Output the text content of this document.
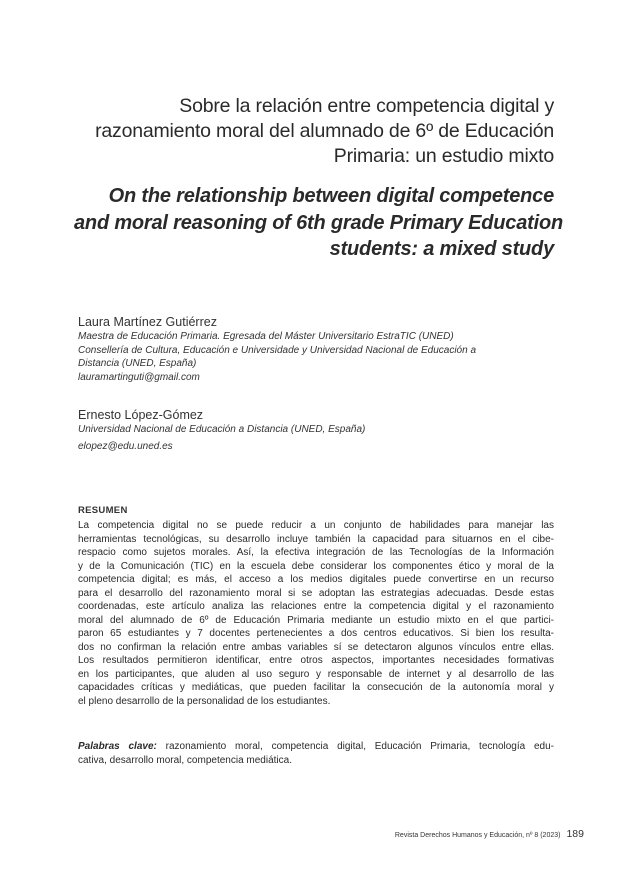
Sobre la relación entre competencia digital y
razonamiento moral del alumnado de 6º de Educación
Primaria: un estudio mixto
On the relationship between digital competence
and moral reasoning of 6th grade Primary Education
students: a mixed study
Laura Martínez Gutiérrez
Maestra de Educación Primaria. Egresada del Máster Universitario EstraTIC (UNED)
Consellería de Cultura, Educación e Universidade y Universidad Nacional de Educación a
Distancia (UNED, España)
lauramartinguti@gmail.com
Ernesto López-Gómez
Universidad Nacional de Educación a Distancia (UNED, España)
elopez@edu.uned.es
RESUMEN
La competencia digital no se puede reducir a un conjunto de habilidades para manejar las
herramientas tecnológicas, su desarrollo incluye también la capacidad para situarnos en el cibe-
respacio como sujetos morales. Así, la efectiva integración de las Tecnologías de la Información
y de la Comunicación (TIC) en la escuela debe considerar los componentes ético y moral de la
competencia digital; es más, el acceso a los medios digitales puede convertirse en un recurso
para el desarrollo del razonamiento moral si se adoptan las estrategias adecuadas. Desde estas
coordenadas, este artículo analiza las relaciones entre la competencia digital y el razonamiento
moral del alumnado de 6º de Educación Primaria mediante un estudio mixto en el que partici-
paron 65 estudiantes y 7 docentes pertenecientes a dos centros educativos. Si bien los resulta-
dos no confirman la relación entre ambas variables sí se detectaron algunos vínculos entre ellas.
Los resultados permitieron identificar, entre otros aspectos, importantes necesidades formativas
en los participantes, que aluden al uso seguro y responsable de internet y al desarrollo de las
capacidades críticas y mediáticas, que pueden facilitar la consecución de la autonomía moral y
el pleno desarrollo de la personalidad de los estudiantes.
Palabras clave: razonamiento moral, competencia digital, Educación Primaria, tecnología edu-
cativa, desarrollo moral, competencia mediática.
Revista Derechos Humanos y Educación, nº 8 (2023) 189
